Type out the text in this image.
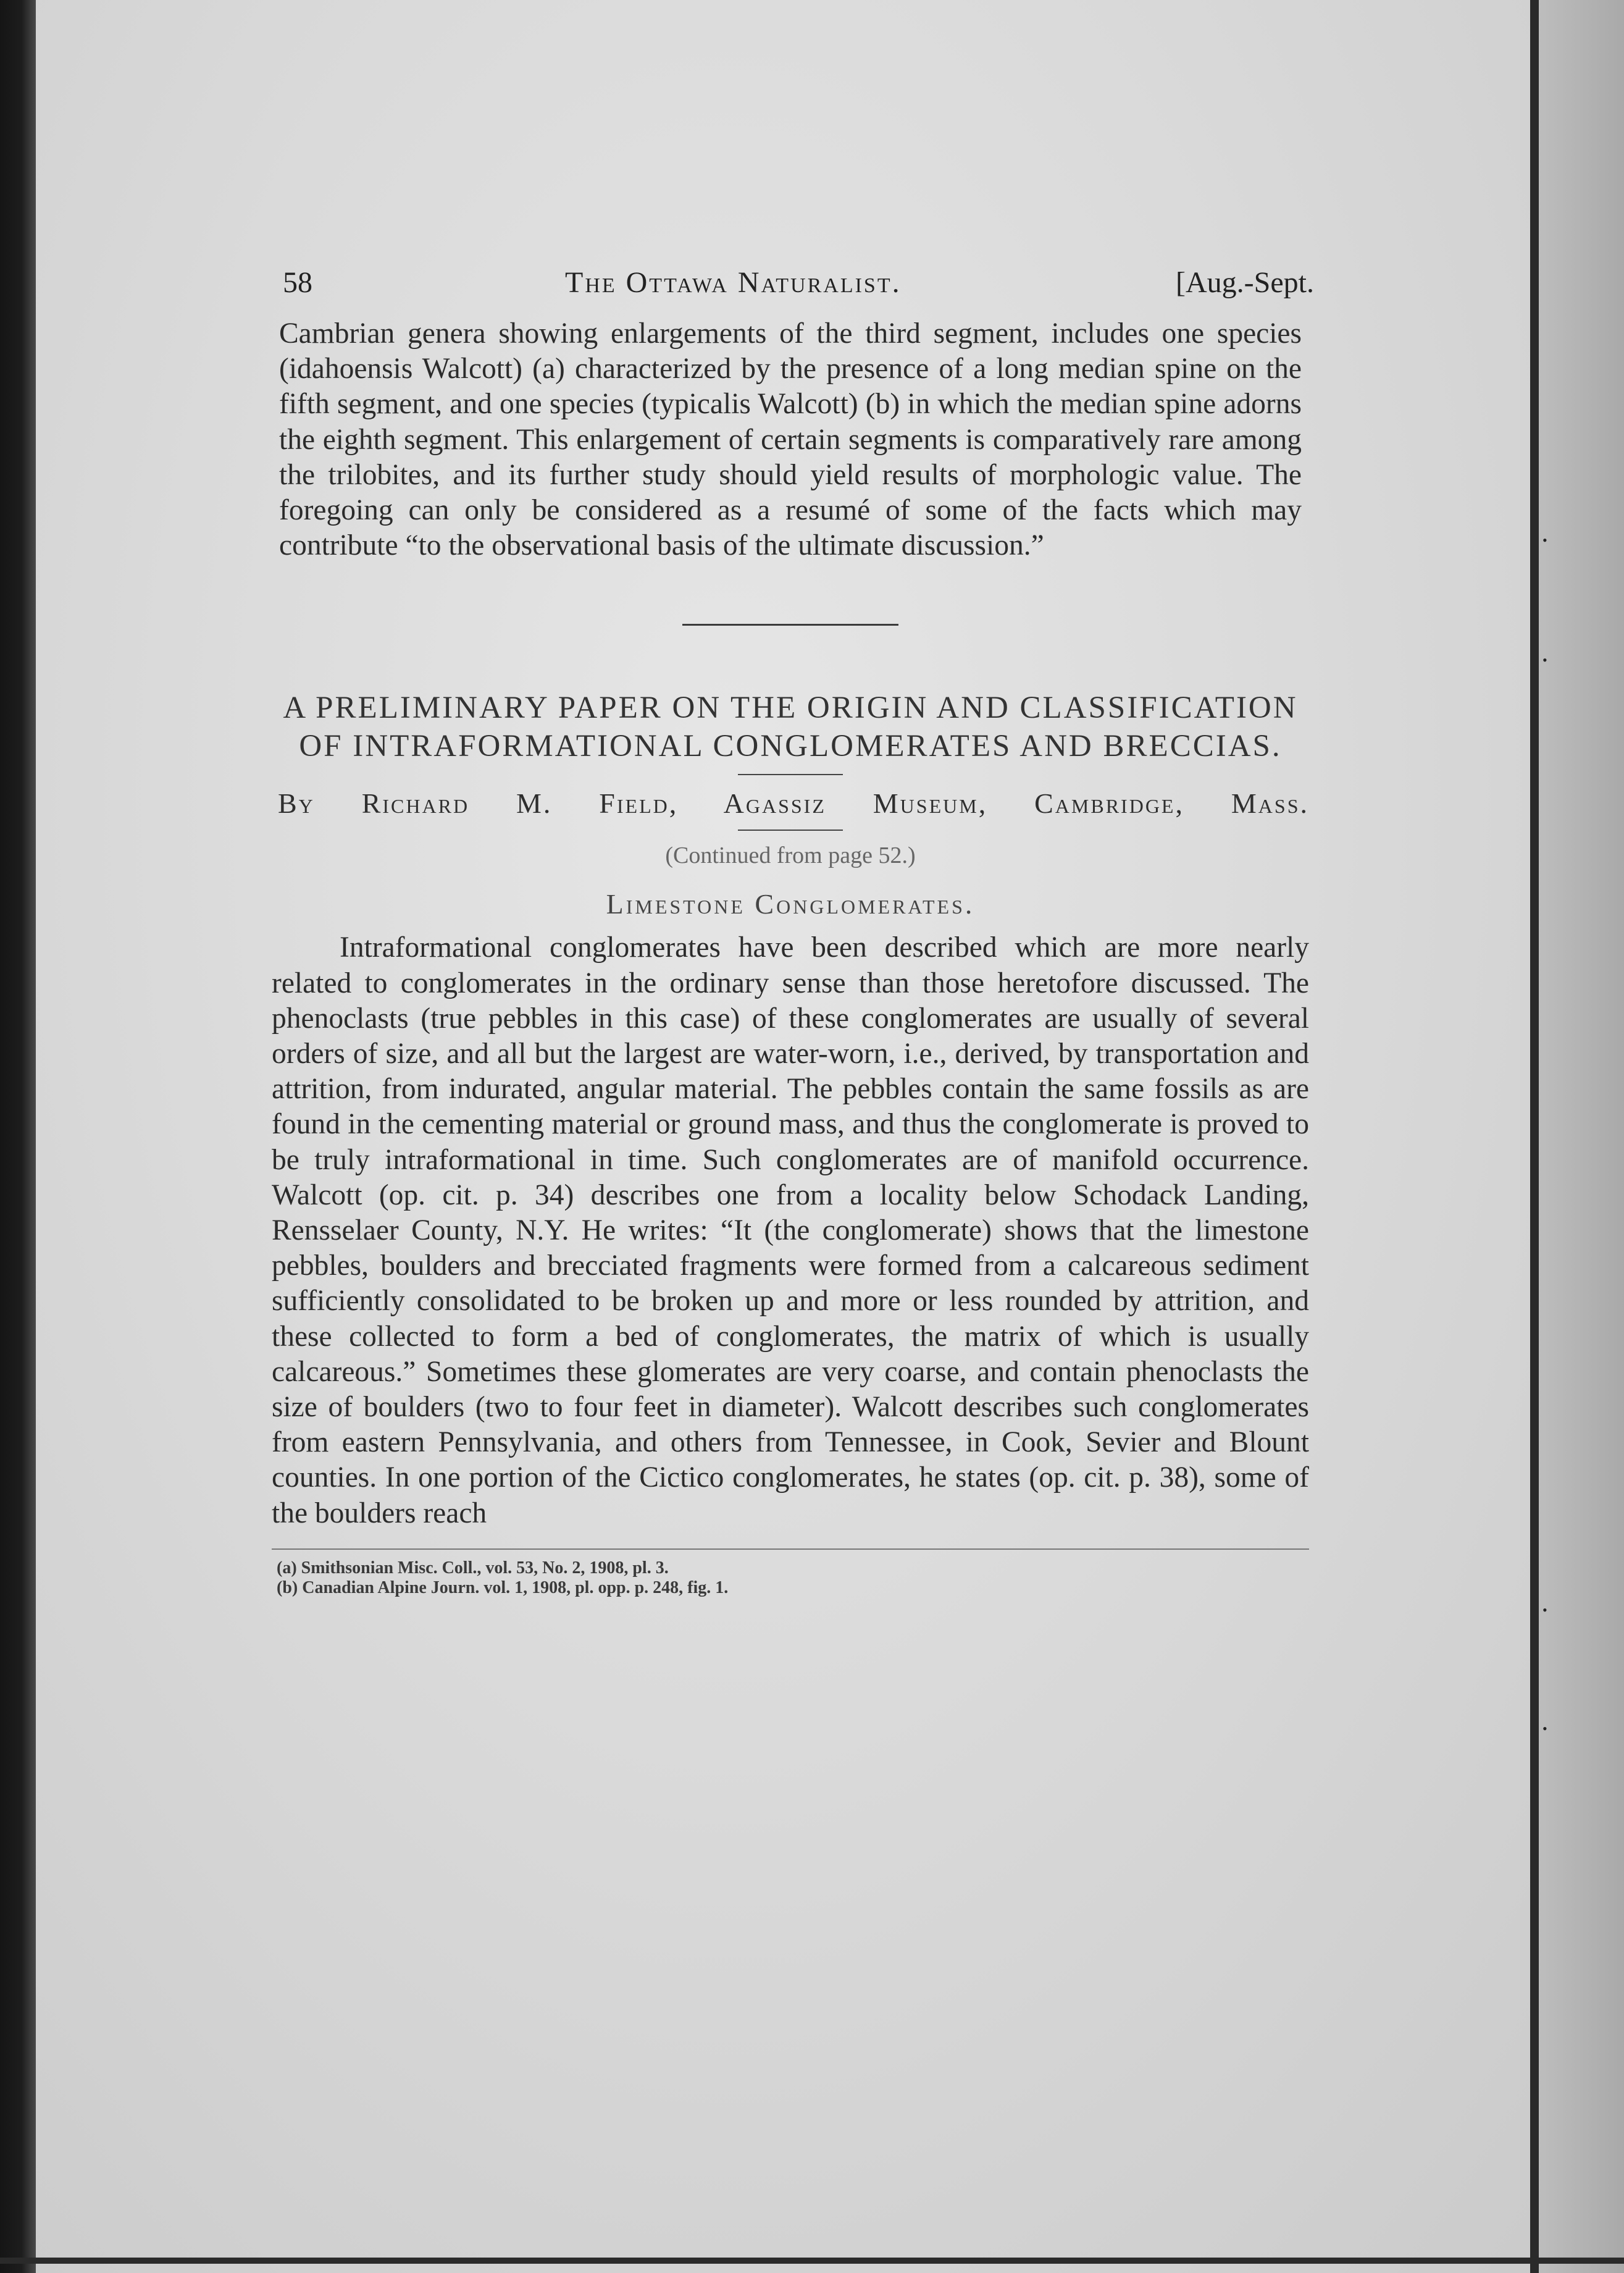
•
•
•
•
58	The Ottawa Naturalist.	[Aug.-Sept.

Cambrian genera showing enlargements of the third segment, includes one species (idahoensis Walcott) (a) characterized by the presence of a long median spine on the fifth segment, and one species (typicalis Walcott) (b) in which the median spine adorns the eighth segment. This enlargement of certain segments is comparatively rare among the trilobites, and its further study should yield results of morphologic value. The foregoing can only be considered as a resumé of some of the facts which may contribute “to the observational basis of the ultimate discussion.”

A PRELIMINARY PAPER ON THE ORIGIN AND CLASSIFICATION OF INTRAFORMATIONAL CONGLOMERATES AND BRECCIAS.
By Richard M. Field, Agassiz Museum, Cambridge, Mass.
(Continued from page 52.)
Limestone Conglomerates.

Intraformational conglomerates have been described which are more nearly related to conglomerates in the ordinary sense than those heretofore discussed. The phenoclasts (true pebbles in this case) of these conglomerates are usually of several orders of size, and all but the largest are water-worn, i.e., derived, by transportation and attrition, from indurated, angular material. The pebbles contain the same fossils as are found in the cementing material or ground mass, and thus the conglomerate is proved to be truly intraformational in time. Such conglomerates are of manifold occurrence. Walcott (op. cit. p. 34) describes one from a locality below Schodack Landing, Rensselaer County, N.Y. He writes: “It (the conglomerate) shows that the limestone pebbles, boulders and brecciated fragments were formed from a calcareous sediment sufficiently consolidated to be broken up and more or less rounded by attrition, and these collected to form a bed of conglomerates, the matrix of which is usually calcareous.” Sometimes these glomerates are very coarse, and contain phenoclasts the size of boulders (two to four feet in diameter). Walcott describes such conglomerates from eastern Pennsylvania, and others from Tennessee, in Cook, Sevier and Blount counties. In one portion of the Cictico conglomerates, he states (op. cit. p. 38), some of the boulders reach

(a) Smithsonian Misc. Coll., vol. 53, No. 2, 1908, pl. 3.
(b) Canadian Alpine Journ. vol. 1, 1908, pl. opp. p. 248, fig. 1.
